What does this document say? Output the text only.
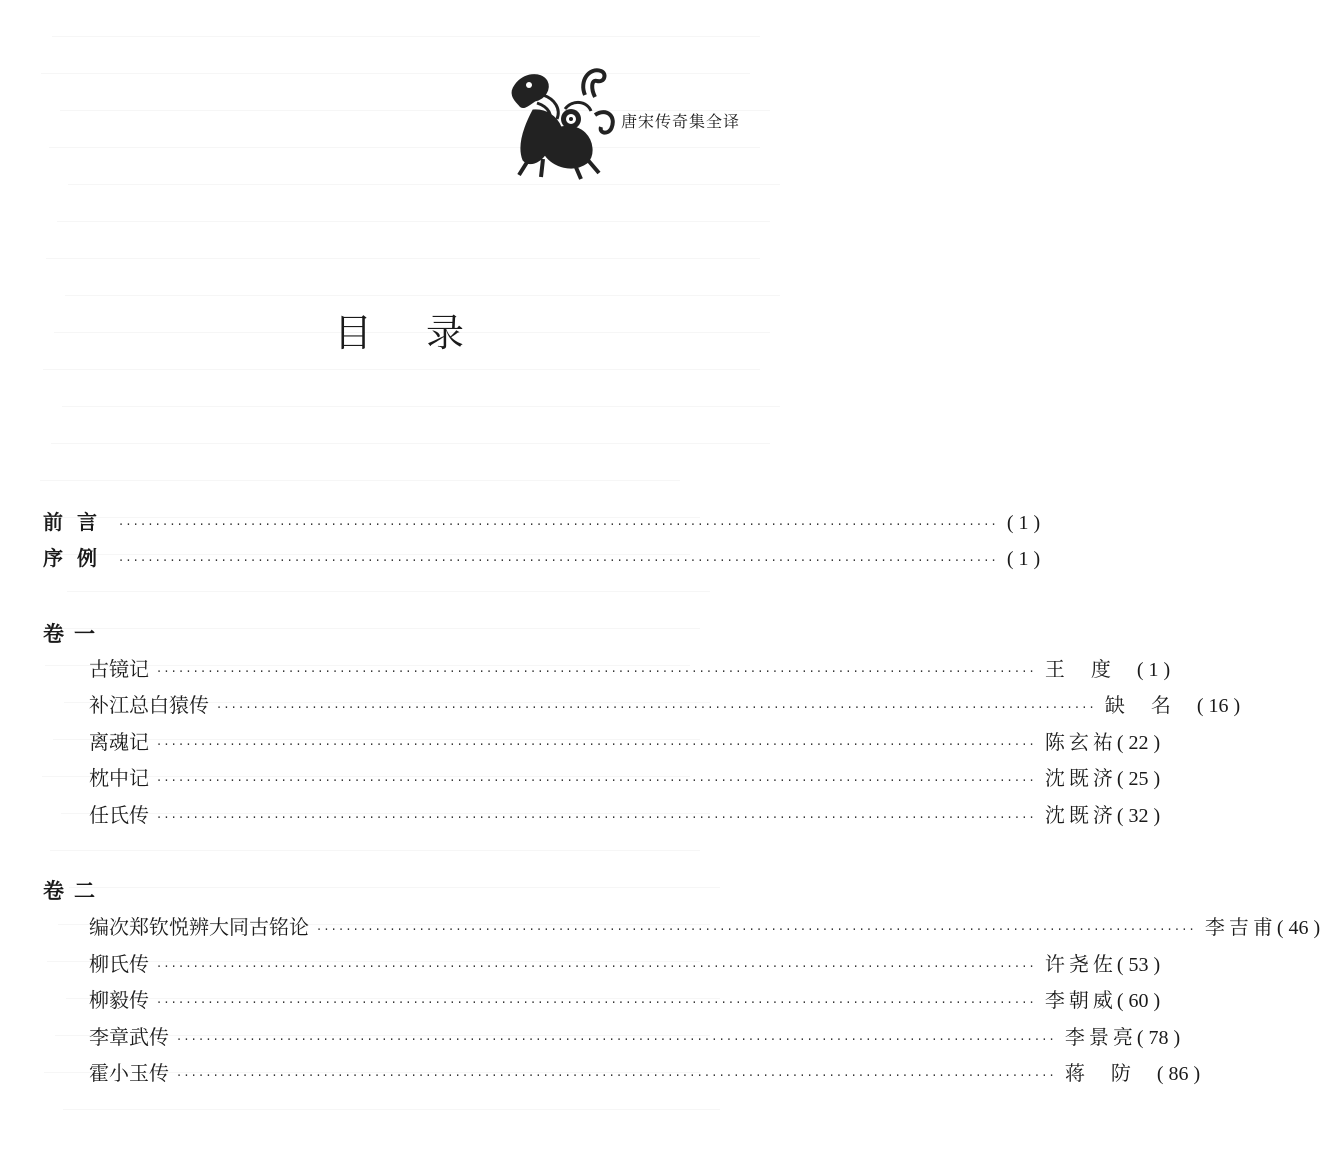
唐宋传奇集全译
目 录
前言 ························································································································ ( 1 )
序例 ························································································································ ( 1 )
卷一
古镜记 ························································································································ 王度 ( 1 )
补江总白猿传 ························································································································ 缺名 ( 16 )
离魂记 ························································································································ 陈玄祐 ( 22 )
枕中记 ························································································································ 沈既济 ( 25 )
任氏传 ························································································································ 沈既济 ( 32 )
卷二
编次郑钦悦辨大同古铭论 ························································································································ 李吉甫 ( 46 )
柳氏传 ························································································································ 许尧佐 ( 53 )
柳毅传 ························································································································ 李朝威 ( 60 )
李章武传 ························································································································ 李景亮 ( 78 )
霍小玉传 ························································································································ 蒋防 ( 86 )
